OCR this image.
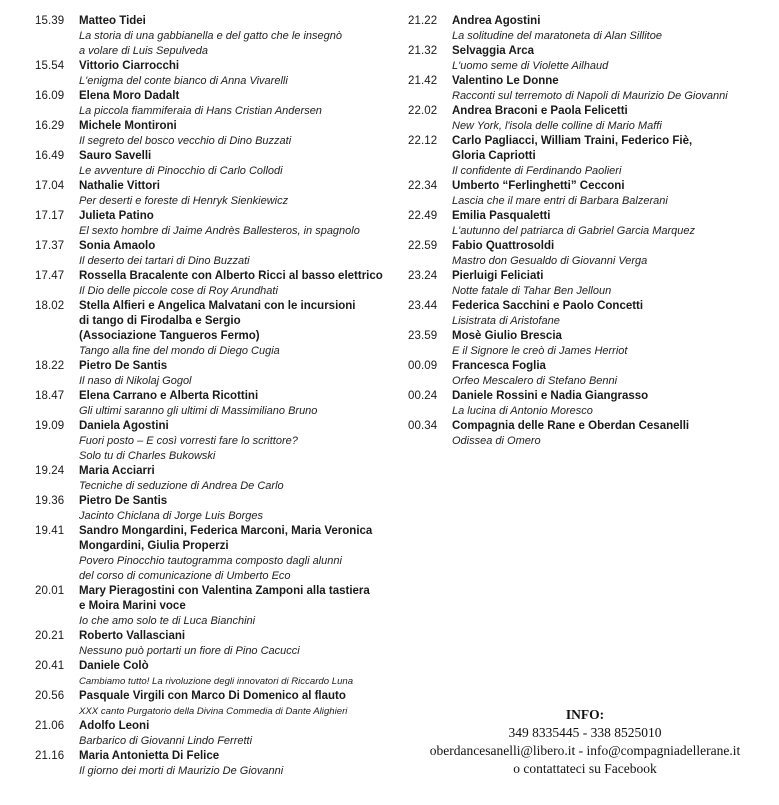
15.39	Matteo Tidei
La storia di una gabbianella e del gatto che le insegnò
a volare di Luis Sepulveda
15.54	Vittorio Ciarrocchi
L'enigma del conte bianco di Anna Vivarelli
16.09	Elena Moro Dadalt
La piccola fiammiferaia di Hans Cristian Andersen
16.29	Michele Montironi
Il segreto del bosco vecchio di Dino Buzzati
16.49	Sauro Savelli
Le avventure di Pinocchio di Carlo Collodi
17.04	Nathalie Vittori
Per deserti e foreste di Henryk Sienkiewicz
17.17	Julieta Patino
El sexto hombre di Jaime Andrès Ballesteros, in spagnolo
17.37	Sonia Amaolo
Il deserto dei tartari di Dino Buzzati
17.47	Rossella Bracalente con Alberto Ricci al basso elettrico
Il Dio delle piccole cose di Roy Arundhati
18.02	Stella Alfieri e Angelica Malvatani con le incursioni
di tango di Firodalba e Sergio
(Associazione Tangueros Fermo)
Tango alla fine del mondo di Diego Cugia
18.22	Pietro De Santis
Il naso di Nikolaj Gogol
18.47	Elena Carrano e Alberta Ricottini
Gli ultimi saranno gli ultimi di Massimiliano Bruno
19.09	Daniela Agostini
Fuori posto – E così vorresti fare lo scrittore?
Solo tu di Charles Bukowski
19.24	Maria Acciarri
Tecniche di seduzione di Andrea De Carlo
19.36	Pietro De Santis
Jacinto Chiclana di Jorge Luis Borges
19.41	Sandro Mongardini, Federica Marconi, Maria Veronica
Mongardini, Giulia Properzi
Povero Pinocchio tautogramma composto dagli alunni
del corso di comunicazione di Umberto Eco
20.01	Mary Pieragostini con Valentina Zamponi alla tastiera
e Moira Marini voce
Io che amo solo te di Luca Bianchini
20.21	Roberto Vallasciani
Nessuno può portarti un fiore di Pino Cacucci
20.41	Daniele Colò
Cambiamo tutto! La rivoluzione degli innovatori di Riccardo Luna
20.56	Pasquale Virgili con Marco Di Domenico al flauto
XXX canto Purgatorio della Divina Commedia di Dante Alighieri
21.06	Adolfo Leoni
Barbarico di Giovanni Lindo Ferretti
21.16	Maria Antonietta Di Felice
Il giorno dei morti di Maurizio De Giovanni
21.22	Andrea Agostini
La solitudine del maratoneta di Alan Sillitoe
21.32	Selvaggia Arca
L'uomo seme di Violette Ailhaud
21.42	Valentino Le Donne
Racconti sul terremoto di Napoli di Maurizio De Giovanni
22.02	Andrea Braconi e Paola Felicetti
New York, l'isola delle colline di Mario Maffi
22.12	Carlo Pagliacci, William Traini, Federico Fiè,
Gloria Capriotti
Il confidente di Ferdinando Paolieri
22.34	Umberto “Ferlinghetti” Cecconi
Lascia che il mare entri di Barbara Balzerani
22.49	Emilia Pasqualetti
L'autunno del patriarca di Gabriel Garcia Marquez
22.59	Fabio Quattrosoldi
Mastro don Gesualdo di Giovanni Verga
23.24	Pierluigi Feliciati
Notte fatale di Tahar Ben Jelloun
23.44	Federica Sacchini e Paolo Concetti
Lisistrata di Aristofane
23.59	Mosè Giulio Brescia
E il Signore le creò di James Herriot
00.09	Francesca Foglia
Orfeo Mescalero di Stefano Benni
00.24	Daniele Rossini e Nadia Giangrasso
La lucina di Antonio Moresco
00.34	Compagnia delle Rane e Oberdan Cesanelli
Odissea di Omero
INFO:
349 8335445 - 338 8525010
oberdancesanelli@libero.it - info@compagniadellerane.it
o contattateci su Facebook
